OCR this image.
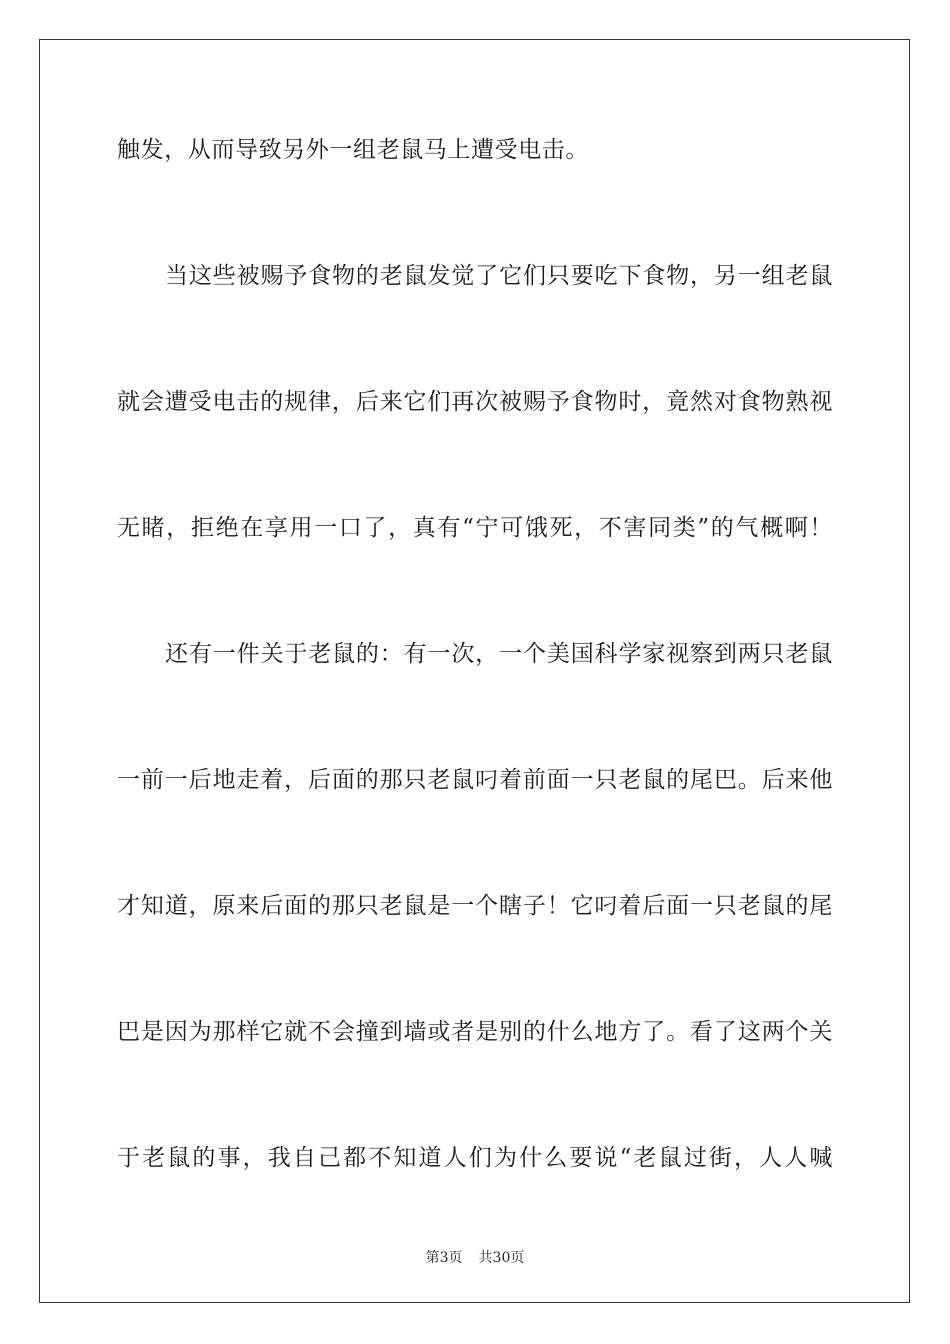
触发，从而导致另外一组老鼠马上遭受电击。
当这些被赐予食物的老鼠发觉了它们只要吃下食物，另一组老鼠
就会遭受电击的规律，后来它们再次被赐予食物时，竟然对食物熟视
无睹，拒绝在享用一口了，真有“宁可饿死，不害同类”的气概啊！
还有一件关于老鼠的：有一次，一个美国科学家视察到两只老鼠
一前一后地走着，后面的那只老鼠叼着前面一只老鼠的尾巴。后来他
才知道，原来后面的那只老鼠是一个瞎子！它叼着后面一只老鼠的尾
巴是因为那样它就不会撞到墙或者是别的什么地方了。看了这两个关
于老鼠的事，我自己都不知道人们为什么要说“老鼠过街，人人喊
第3页 共30页
